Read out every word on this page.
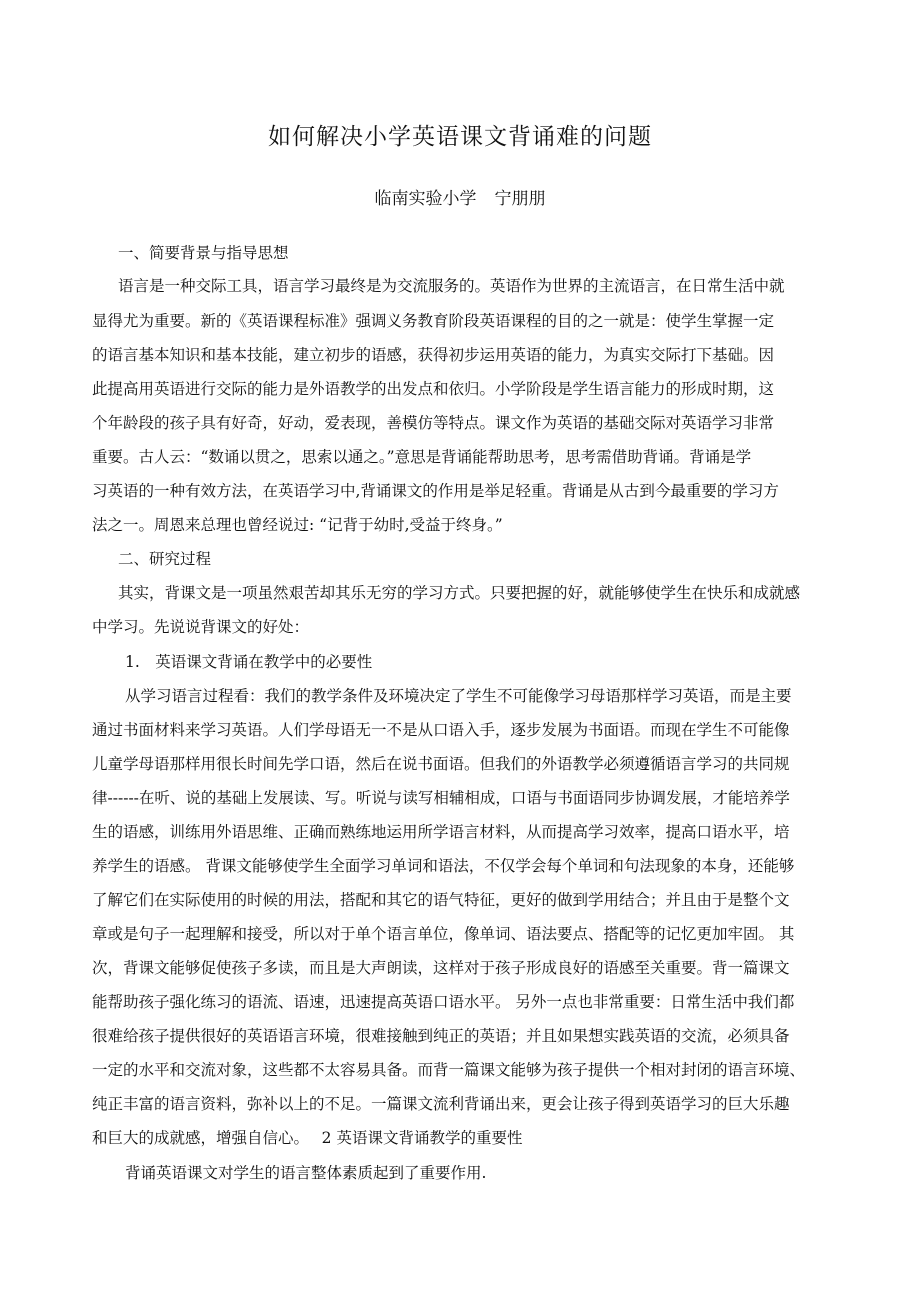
如何解决小学英语课文背诵难的问题
临南实验小学 宁朋朋
一、简要背景与指导思想
语言是一种交际工具，语言学习最终是为交流服务的。英语作为世界的主流语言，在日常生活中就
显得尤为重要。新的《英语课程标准》强调义务教育阶段英语课程的目的之一就是：使学生掌握一定
的语言基本知识和基本技能，建立初步的语感，获得初步运用英语的能力，为真实交际打下基础。因
此提高用英语进行交际的能力是外语教学的出发点和依归。小学阶段是学生语言能力的形成时期，这
个年龄段的孩子具有好奇，好动，爱表现，善模仿等特点。课文作为英语的基础交际对英语学习非常
重要。古人云：“数诵以贯之，思索以通之。”意思是背诵能帮助思考，思考需借助背诵。背诵是学
习英语的一种有效方法，在英语学习中,背诵课文的作用是举足轻重。背诵是从古到今最重要的学习方
法之一。周恩来总理也曾经说过: “记背于幼时,受益于终身。”
二、研究过程
其实，背课文是一项虽然艰苦却其乐无穷的学习方式。只要把握的好，就能够使学生在快乐和成就感
中学习。先说说背课文的好处：
1.　英语课文背诵在教学中的必要性
从学习语言过程看：我们的教学条件及环境决定了学生不可能像学习母语那样学习英语，而是主要
通过书面材料来学习英语。人们学母语无一不是从口语入手，逐步发展为书面语。而现在学生不可能像
儿童学母语那样用很长时间先学口语，然后在说书面语。但我们的外语教学必须遵循语言学习的共同规
律------在听、说的基础上发展读、写。听说与读写相辅相成，口语与书面语同步协调发展，才能培养学
生的语感，训练用外语思维、正确而熟练地运用所学语言材料，从而提高学习效率，提高口语水平，培
养学生的语感。 背课文能够使学生全面学习单词和语法，不仅学会每个单词和句法现象的本身，还能够
了解它们在实际使用的时候的用法，搭配和其它的语气特征，更好的做到学用结合；并且由于是整个文
章或是句子一起理解和接受，所以对于单个语言单位，像单词、语法要点、搭配等的记忆更加牢固。 其
次，背课文能够促使孩子多读，而且是大声朗读，这样对于孩子形成良好的语感至关重要。背一篇课文
能帮助孩子强化练习的语流、语速，迅速提高英语口语水平。 另外一点也非常重要：日常生活中我们都
很难给孩子提供很好的英语语言环境，很难接触到纯正的英语；并且如果想实践英语的交流，必须具备
一定的水平和交流对象，这些都不太容易具备。而背一篇课文能够为孩子提供一个相对封闭的语言环境、
纯正丰富的语言资料，弥补以上的不足。一篇课文流利背诵出来，更会让孩子得到英语学习的巨大乐趣
和巨大的成就感，增强自信心。　 2 英语课文背诵教学的重要性
背诵英语课文对学生的语言整体素质起到了重要作用.
